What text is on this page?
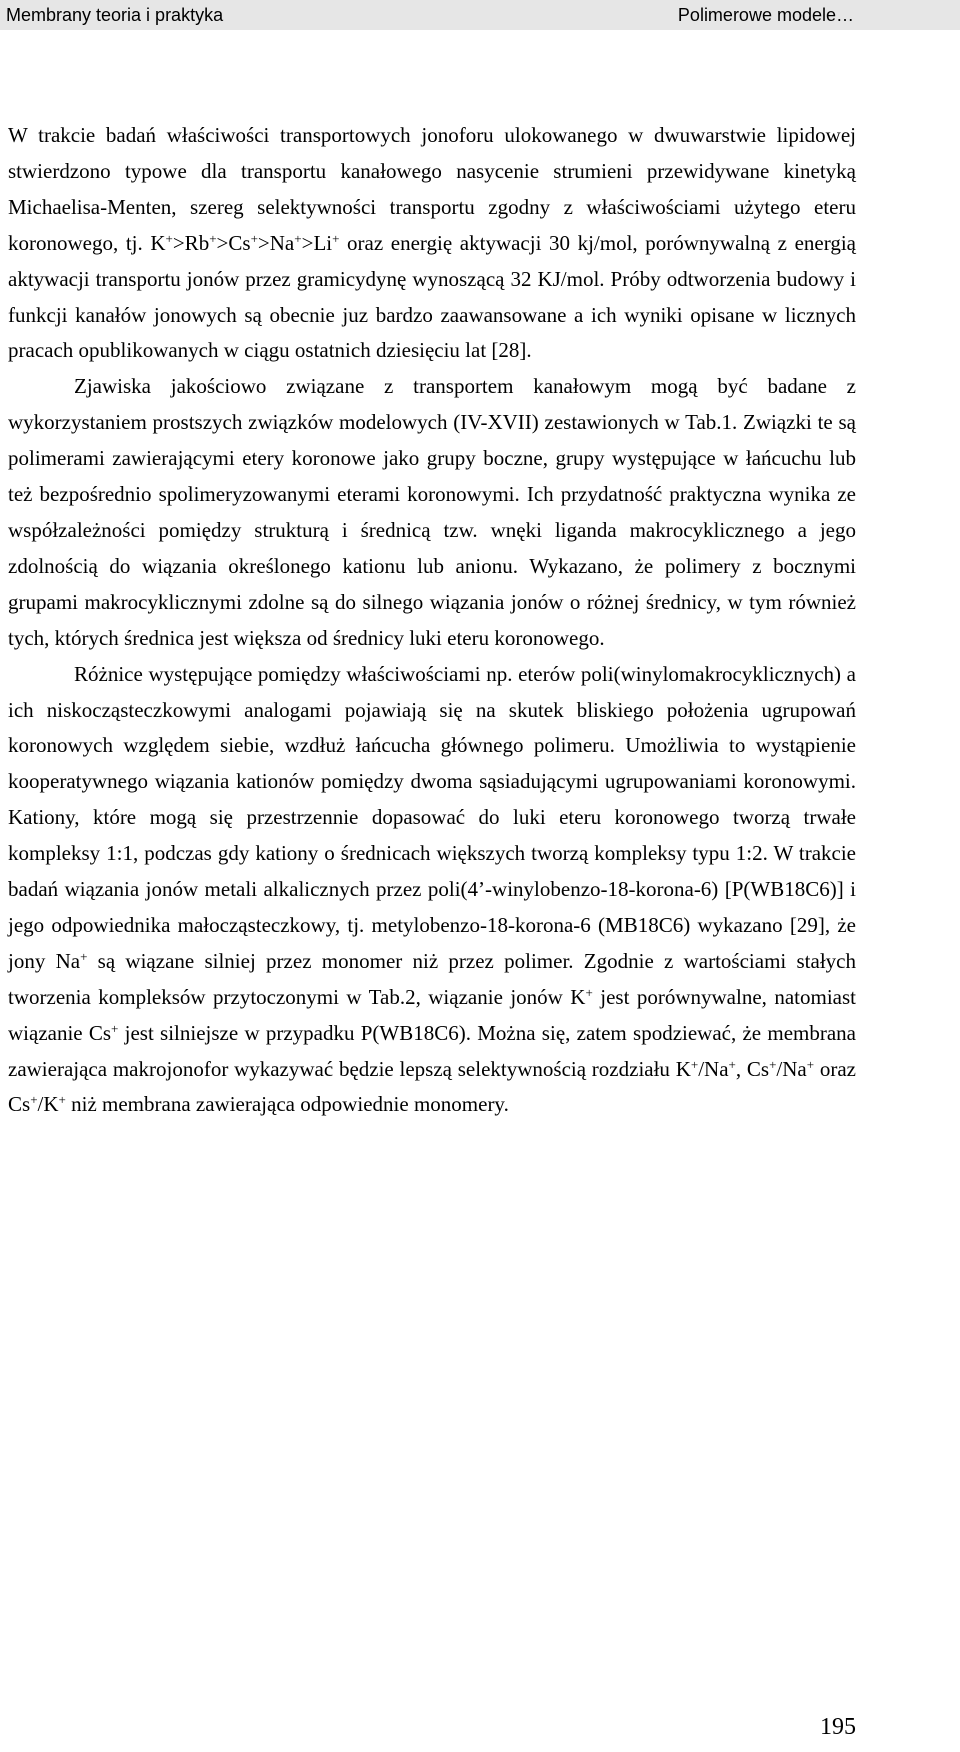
Membrany teoria i praktyka	Polimerowe modele…

W trakcie badań właściwości transportowych jonoforu ulokowanego w dwuwarstwie lipidowej stwierdzono typowe dla transportu kanałowego nasycenie strumieni przewidywane kinetyką Michaelisa-Menten, szereg selektywności transportu zgodny z właściwościami użytego eteru koronowego, tj. K+>Rb+>Cs+>Na+>Li+ oraz energię aktywacji 30 kj/mol, porównywalną z energią aktywacji transportu jonów przez gramicydynę wynoszącą 32 KJ/mol. Próby odtworzenia budowy i funkcji kanałów jonowych są obecnie juz bardzo zaawansowane a ich wyniki opisane w licznych pracach opublikowanych w ciągu ostatnich dziesięciu lat [28].

Zjawiska jakościowo związane z transportem kanałowym mogą być badane z wykorzystaniem prostszych związków modelowych (IV-XVII) zestawionych w Tab.1. Związki te są polimerami zawierającymi etery koronowe jako grupy boczne, grupy występujące w łańcuchu lub też bezpośrednio spolimeryzowanymi eterami koronowymi. Ich przydatność praktyczna wynika ze współzależności pomiędzy strukturą i średnicą tzw. wnęki liganda makrocyklicznego a jego zdolnością do wiązania określonego kationu lub anionu. Wykazano, że polimery z bocznymi grupami makrocyklicznymi zdolne są do silnego wiązania jonów o różnej średnicy, w tym również tych, których średnica jest większa od średnicy luki eteru koronowego.

Różnice występujące pomiędzy właściwościami np. eterów poli(winylomakrocyklicznych) a ich niskocząsteczkowymi analogami pojawiają się na skutek bliskiego położenia ugrupowań koronowych względem siebie, wzdłuż łańcucha głównego polimeru. Umożliwia to wystąpienie kooperatywnego wiązania kationów pomiędzy dwoma sąsiadującymi ugrupowaniami koronowymi. Kationy, które mogą się przestrzennie dopasować do luki eteru koronowego tworzą trwałe kompleksy 1:1, podczas gdy kationy o średnicach większych tworzą kompleksy typu 1:2. W trakcie badań wiązania jonów metali alkalicznych przez poli(4’-winylobenzo-18-korona-6) [P(WB18C6)] i jego odpowiednika małocząsteczkowy, tj. metylobenzo-18-korona-6 (MB18C6) wykazano [29], że jony Na+ są wiązane silniej przez monomer niż przez polimer. Zgodnie z wartościami stałych tworzenia kompleksów przytoczonymi w Tab.2, wiązanie jonów K+ jest porównywalne, natomiast wiązanie Cs+ jest silniejsze w przypadku P(WB18C6). Można się, zatem spodziewać, że membrana zawierająca makrojonofor wykazywać będzie lepszą selektywnością rozdziału K+/Na+, Cs+/Na+ oraz Cs+/K+ niż membrana zawierająca odpowiednie monomery.

195
